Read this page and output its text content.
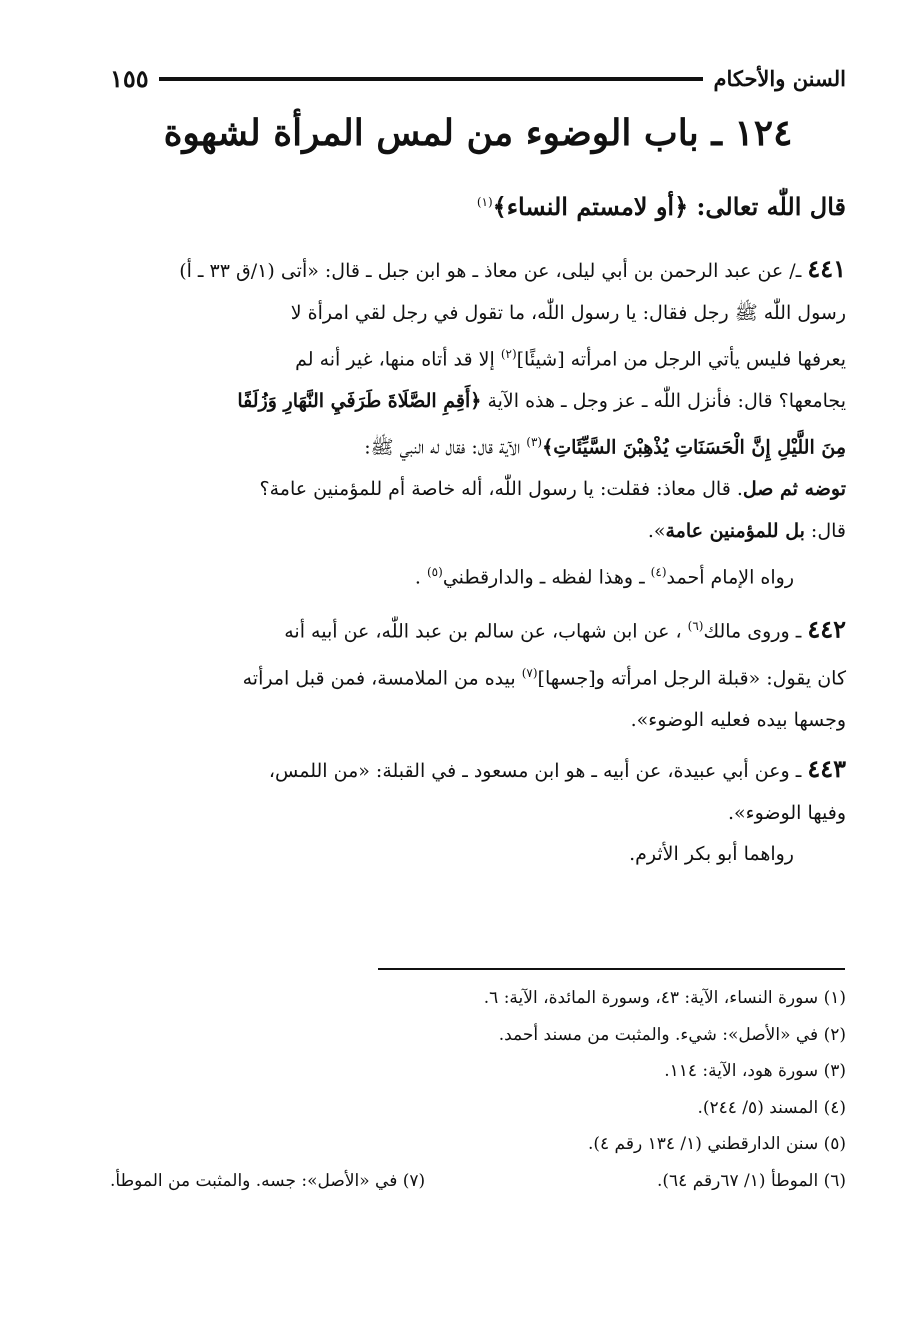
السنن والأحكام
١٥٥
١٢٤ ـ باب الوضوء من لمس المرأة لشهوة
قال اللّٰه تعالى: ﴿أو لامستم النساء﴾$^{(١)}$

٤٤١ ـ/ عن عبد الرحمن بن أبي ليلى، عن معاذ ـ هو ابن جبل ـ قال: «أتى (١/ق ٣٣ ـ أ)

رسول اللّٰه ﷺ رجل فقال: يا رسول اللّٰه، ما تقول في رجل لقي امرأة لا

يعرفها فليس يأتي الرجل من امرأته [شيئًا]$^{(٢)}$ إلا قد أتاه منها، غير أنه لم

يجامعها؟ قال: فأنزل اللّٰه ـ عز وجل ـ هذه الآية ﴿أَقِمِ الصَّلَاةَ طَرَفَيِ النَّهَارِ وَزُلَفًا

مِنَ اللَّيْلِ إِنَّ الْحَسَنَاتِ يُذْهِبْنَ السَّيِّئَاتِ﴾$^{(٣)}$ الآية قال: فقال له النبي ﷺ:

توضه ثم صل. قال معاذ: فقلت: يا رسول اللّٰه، أله خاصة أم للمؤمنين عامة؟

قال: بل للمؤمنين عامة».

رواه الإمام أحمد$^{(٤)}$ ـ وهذا لفظه ـ والدارقطني$^{(٥)}$ .

٤٤٢ ـ وروى مالك$^{(٦)}$ ، عن ابن شهاب، عن سالم بن عبد اللّٰه، عن أبيه أنه

كان يقول: «قبلة الرجل امرأته و[جسها]$^{(٧)}$ بيده من الملامسة، فمن قبل امرأته

وجسها بيده فعليه الوضوء».

٤٤٣ ـ وعن أبي عبيدة، عن أبيه ـ هو ابن مسعود ـ في القبلة: «من اللمس،

وفيها الوضوء».

رواهما أبو بكر الأثرم.

(١) سورة النساء، الآية: ٤٣، وسورة المائدة، الآية: ٦.

(٢) في «الأصل»: شيء. والمثبت من مسند أحمد.

(٣) سورة هود، الآية: ١١٤.

(٤) المسند (٥/ ٢٤٤).

(٥) سنن الدارقطني (١/ ١٣٤ رقم ٤).

(٦) الموطأ (١/ ٦٧رقم ٦٤).

(٧) في «الأصل»: جسه. والمثبت من الموطأ.
